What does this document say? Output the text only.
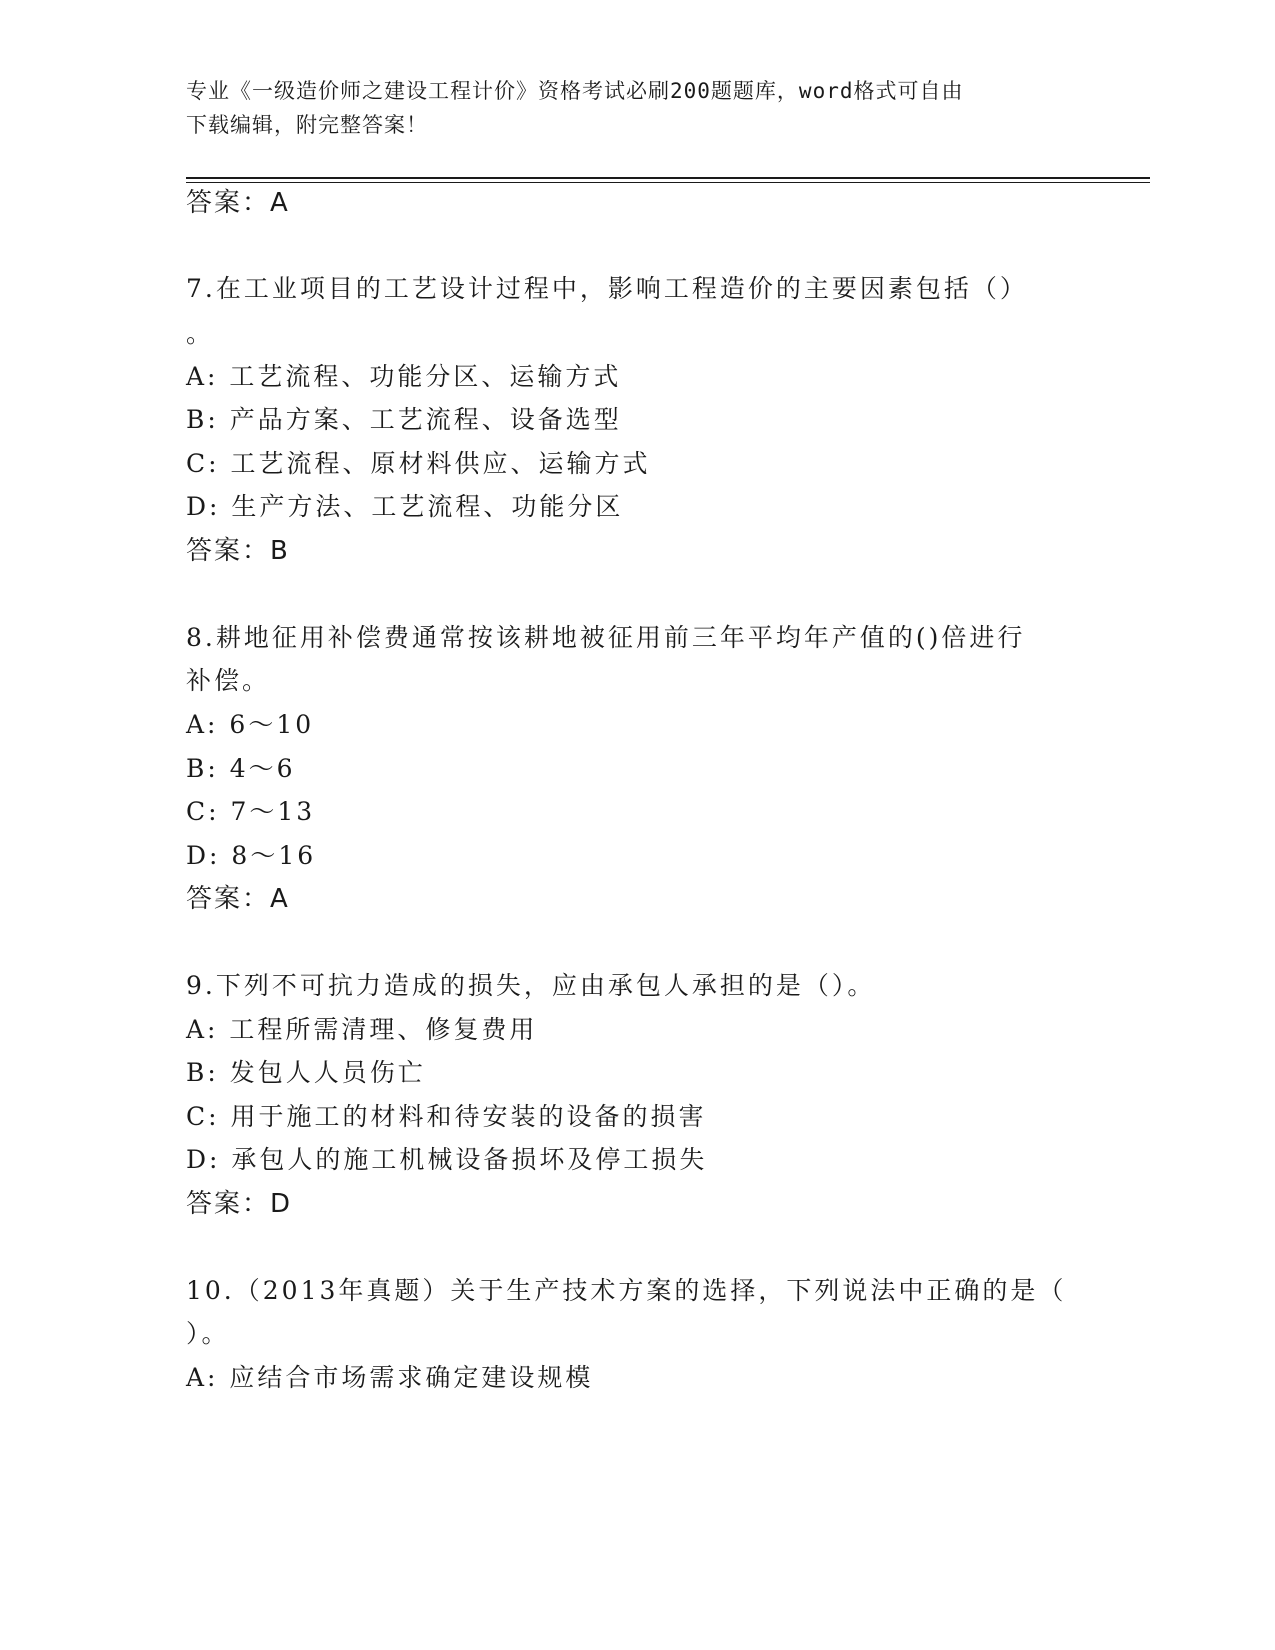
专业《一级造价师之建设工程计价》资格考试必刷200题题库，word格式可自由
下载编辑，附完整答案！
答案：A
7.在工业项目的工艺设计过程中，影响工程造价的主要因素包括（）
。
A: 工艺流程、功能分区、运输方式
B: 产品方案、工艺流程、设备选型
C: 工艺流程、原材料供应、运输方式
D: 生产方法、工艺流程、功能分区
答案：B
8.耕地征用补偿费通常按该耕地被征用前三年平均年产值的()倍进行
补偿。
A: 6～10
B: 4～6
C: 7～13
D: 8～16
答案：A
9.下列不可抗力造成的损失，应由承包人承担的是（）。
A: 工程所需清理、修复费用
B: 发包人人员伤亡
C: 用于施工的材料和待安装的设备的损害
D: 承包人的施工机械设备损坏及停工损失
答案：D
10.（2013年真题）关于生产技术方案的选择，下列说法中正确的是（
）。
A: 应结合市场需求确定建设规模
